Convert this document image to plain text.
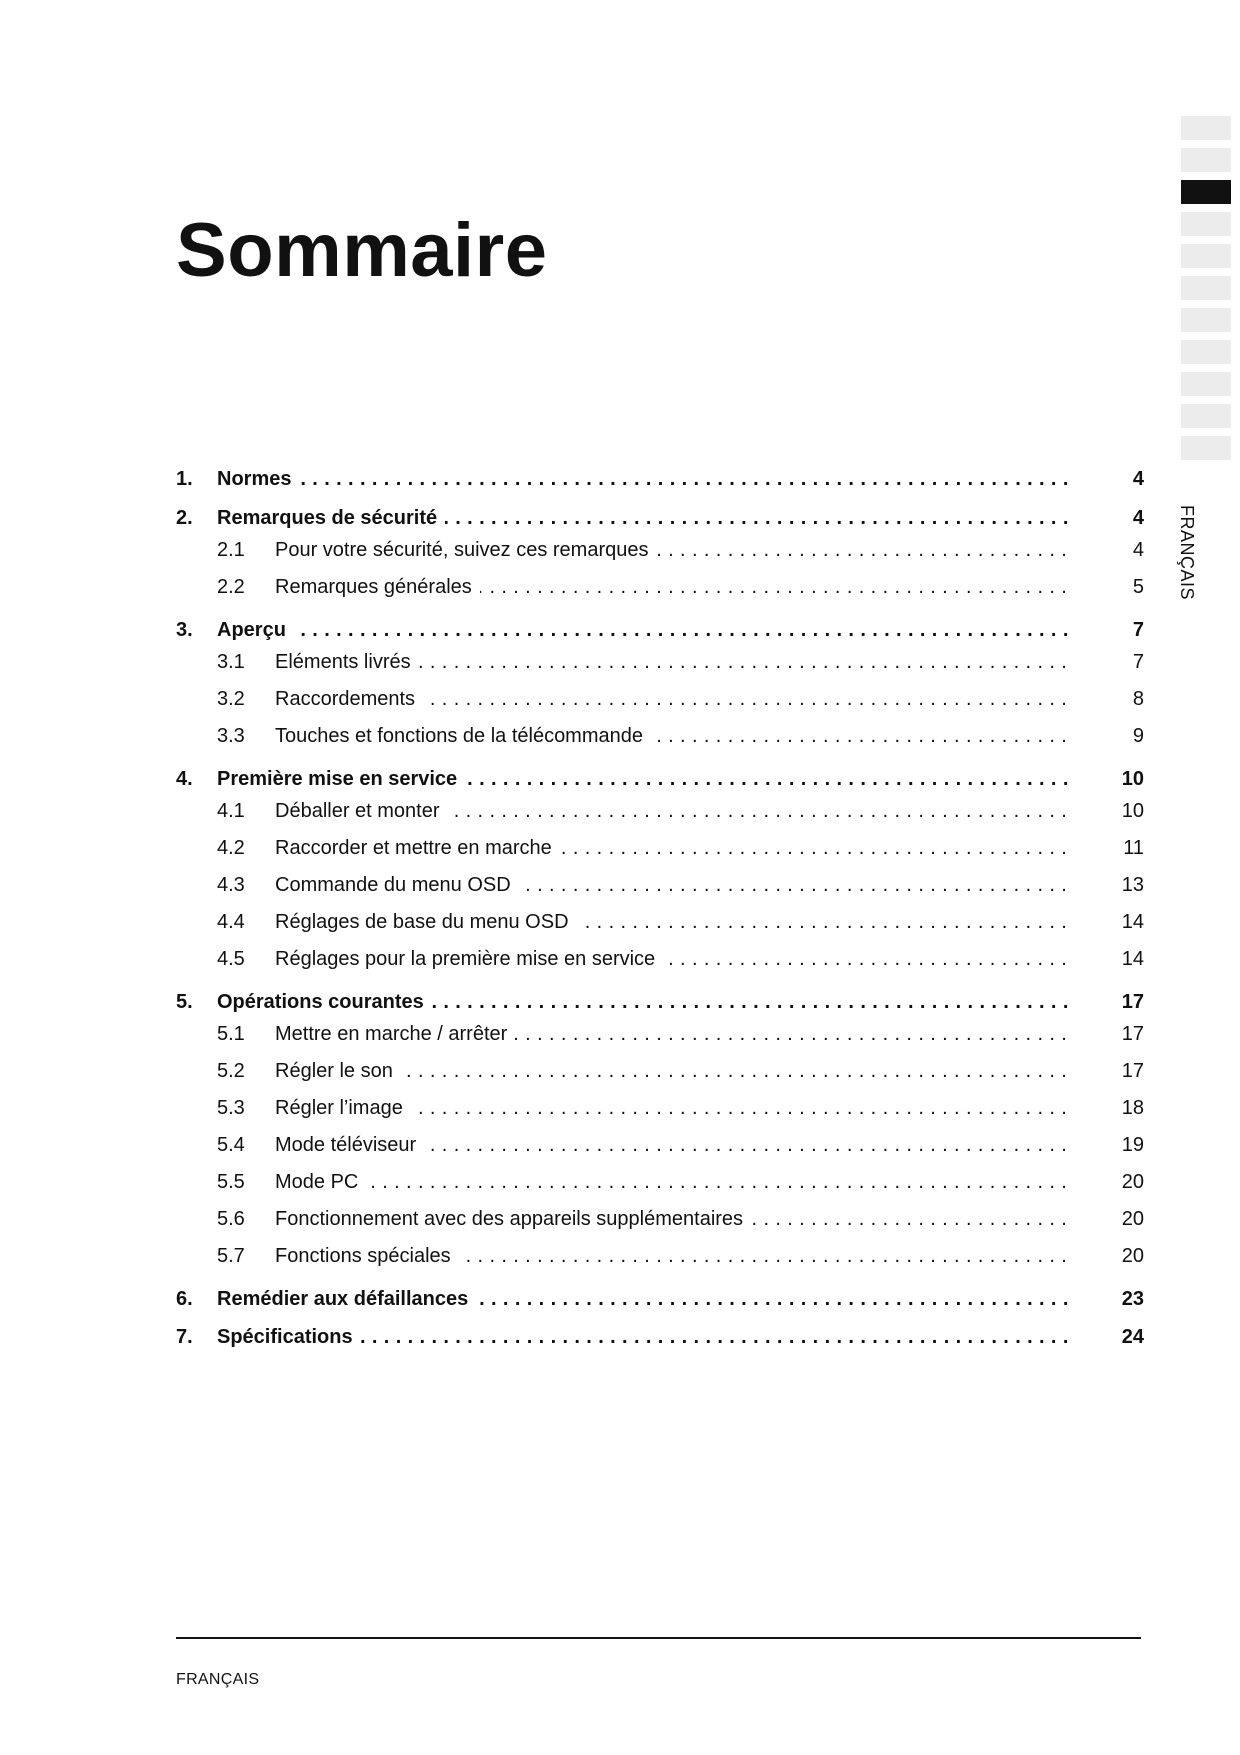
Sommaire
FRANÇAIS
1. Normes . . .	4
2. Remarques de sécurité . . .	4
2.1 Pour votre sécurité, suivez ces remarques . . .	4
2.2 Remarques générales . . .	5
3. Aperçu . . .	7
3.1 Eléments livrés . . .	7
3.2 Raccordements . . .	8
3.3 Touches et fonctions de la télécommande . . .	9
4. Première mise en service . . .	10
4.1 Déballer et monter . . .	10
4.2 Raccorder et mettre en marche . . .	11
4.3 Commande du menu OSD . . .	13
4.4 Réglages de base du menu OSD . . .	14
4.5 Réglages pour la première mise en service . . .	14
5. Opérations courantes . . .	17
5.1 Mettre en marche / arrêter . . .	17
5.2 Régler le son . . .	17
5.3 Régler l’image . . .	18
5.4 Mode téléviseur . . .	19
5.5 Mode PC . . .	20
5.6 Fonctionnement avec des appareils supplémentaires . . .	20
5.7 Fonctions spéciales . . .	20
6. Remédier aux défaillances . . .	23
7. Spécifications . . .	24
FRANÇAIS
